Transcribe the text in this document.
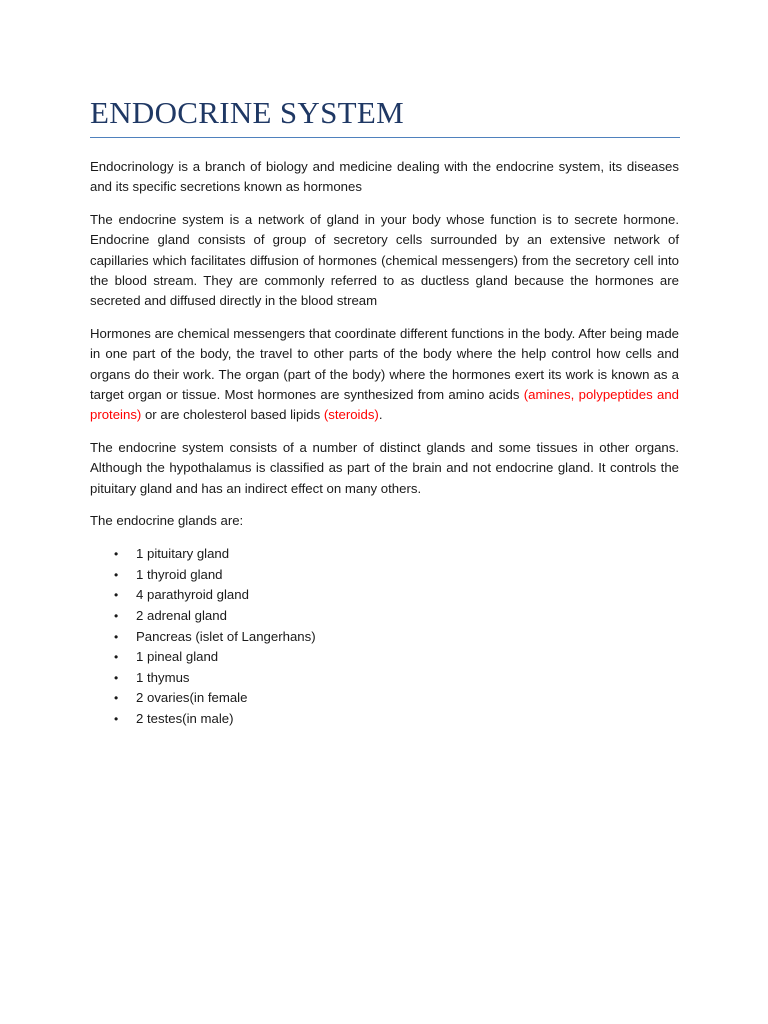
ENDOCRINE SYSTEM

Endocrinology is a branch of biology and medicine dealing with the endocrine system, its diseases and its specific secretions known as hormones

The endocrine system is a network of gland in your body whose function is to secrete hormone. Endocrine gland consists of group of secretory cells surrounded by an extensive network of capillaries which facilitates diffusion of hormones (chemical messengers) from the secretory cell into the blood stream. They are commonly referred to as ductless gland because the hormones are secreted and diffused directly in the blood stream

Hormones are chemical messengers that coordinate different functions in the body. After being made in one part of the body, the travel to other parts of the body where the help control how cells and organs do their work. The organ (part of the body) where the hormones exert its work is known as a target organ or tissue. Most hormones are synthesized from amino acids (amines, polypeptides and proteins) or are cholesterol based lipids (steroids).

The endocrine system consists of a number of distinct glands and some tissues in other organs. Although the hypothalamus is classified as part of the brain and not endocrine gland. It controls the pituitary gland and has an indirect effect on many others.

The endocrine glands are:

• 1 pituitary gland
• 1 thyroid gland
• 4 parathyroid gland
• 2 adrenal gland
• Pancreas (islet of Langerhans)
• 1 pineal gland
• 1 thymus
• 2 ovaries(in female
• 2 testes(in male)
